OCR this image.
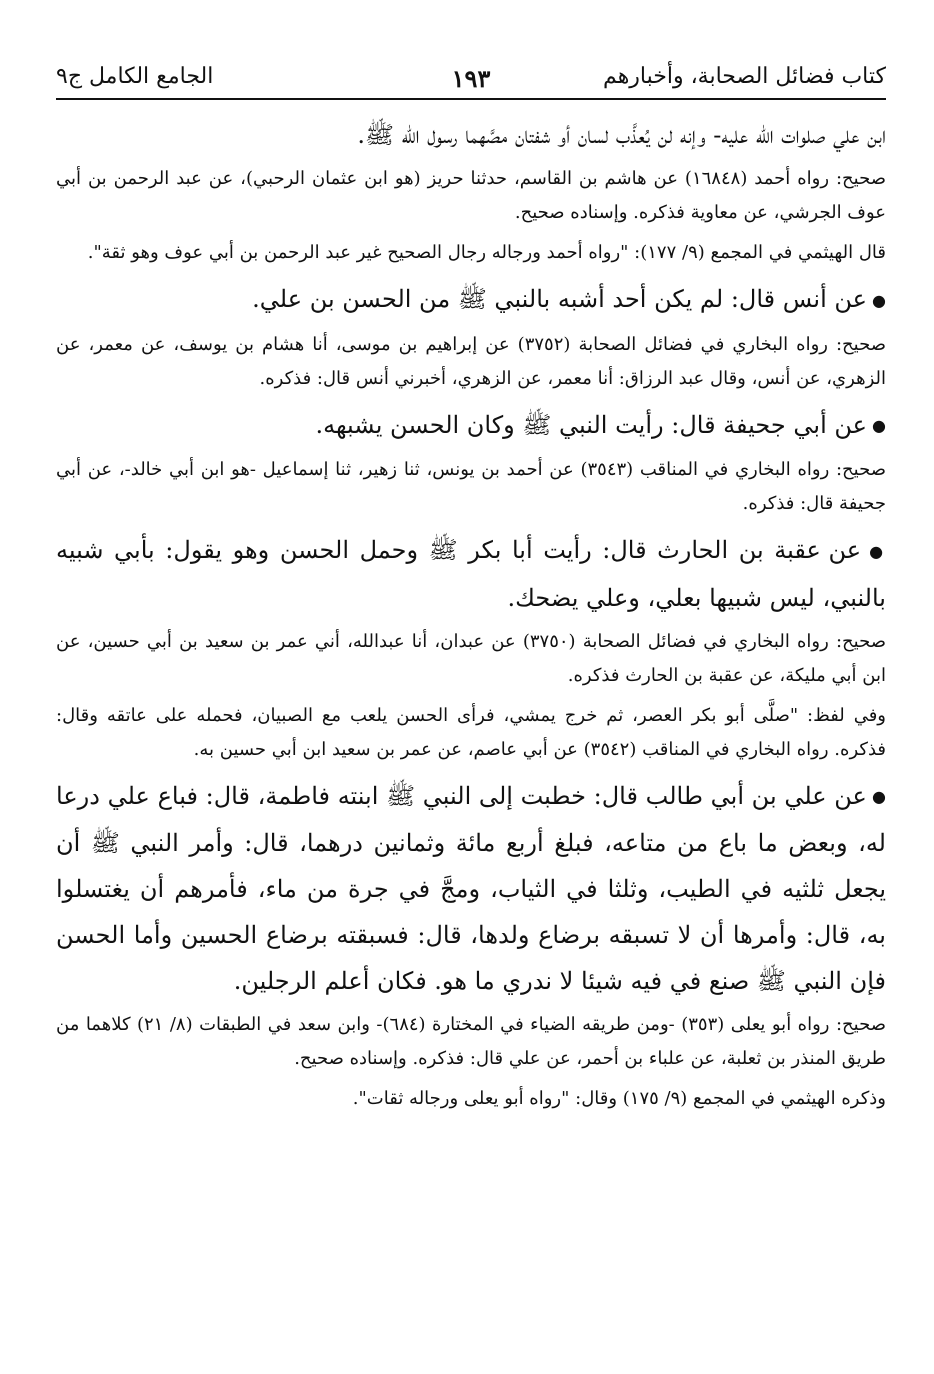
كتاب فضائل الصحابة، وأخبارهم
١٩٣
الجامع الكامل ج٩

ابن علي صلوات الله عليه- وإنه لن يُعذَّب لسان أو شفتان مصَّهما رسول الله ﷺ.

صحيح: رواه أحمد (١٦٨٤٨) عن هاشم بن القاسم، حدثنا حريز (هو ابن عثمان الرحبي)، عن عبد الرحمن بن أبي عوف الجرشي، عن معاوية فذكره. وإسناده صحيح.

قال الهيثمي في المجمع (٩/ ١٧٧): "رواه أحمد ورجاله رجال الصحيح غير عبد الرحمن بن أبي عوف وهو ثقة".

● عن أنس قال: لم يكن أحد أشبه بالنبي ﷺ من الحسن بن علي.

صحيح: رواه البخاري في فضائل الصحابة (٣٧٥٢) عن إبراهيم بن موسى، أنا هشام بن يوسف، عن معمر، عن الزهري، عن أنس، وقال عبد الرزاق: أنا معمر، عن الزهري، أخبرني أنس قال: فذكره.

● عن أبي جحيفة قال: رأيت النبي ﷺ وكان الحسن يشبهه.

صحيح: رواه البخاري في المناقب (٣٥٤٣) عن أحمد بن يونس، ثنا زهير، ثنا إسماعيل -هو ابن أبي خالد-، عن أبي جحيفة قال: فذكره.

● عن عقبة بن الحارث قال: رأيت أبا بكر ﷺ وحمل الحسن وهو يقول: بأبي شبيه بالنبي، ليس شبيها بعلي، وعلي يضحك.

صحيح: رواه البخاري في فضائل الصحابة (٣٧٥٠) عن عبدان، أنا عبدالله، أني عمر بن سعيد بن أبي حسين، عن ابن أبي مليكة، عن عقبة بن الحارث فذكره.

وفي لفظ: "صلَّى أبو بكر العصر، ثم خرج يمشي، فرأى الحسن يلعب مع الصبيان، فحمله على عاتقه وقال: فذكره. رواه البخاري في المناقب (٣٥٤٢) عن أبي عاصم، عن عمر بن سعيد ابن أبي حسين به.

● عن علي بن أبي طالب قال: خطبت إلى النبي ﷺ ابنته فاطمة، قال: فباع علي درعا له، وبعض ما باع من متاعه، فبلغ أربع مائة وثمانين درهما، قال: وأمر النبي ﷺ أن يجعل ثلثيه في الطيب، وثلثا في الثياب، ومجَّ في جرة من ماء، فأمرهم أن يغتسلوا به، قال: وأمرها أن لا تسبقه برضاع ولدها، قال: فسبقته برضاع الحسين وأما الحسن فإن النبي ﷺ صنع في فيه شيئا لا ندري ما هو. فكان أعلم الرجلين.

صحيح: رواه أبو يعلى (٣٥٣) -ومن طريقه الضياء في المختارة (٦٨٤)- وابن سعد في الطبقات (٨/ ٢١) كلاهما من طريق المنذر بن ثعلبة، عن علباء بن أحمر، عن علي قال: فذكره. وإسناده صحيح.

وذكره الهيثمي في المجمع (٩/ ١٧٥) وقال: "رواه أبو يعلى ورجاله ثقات".
